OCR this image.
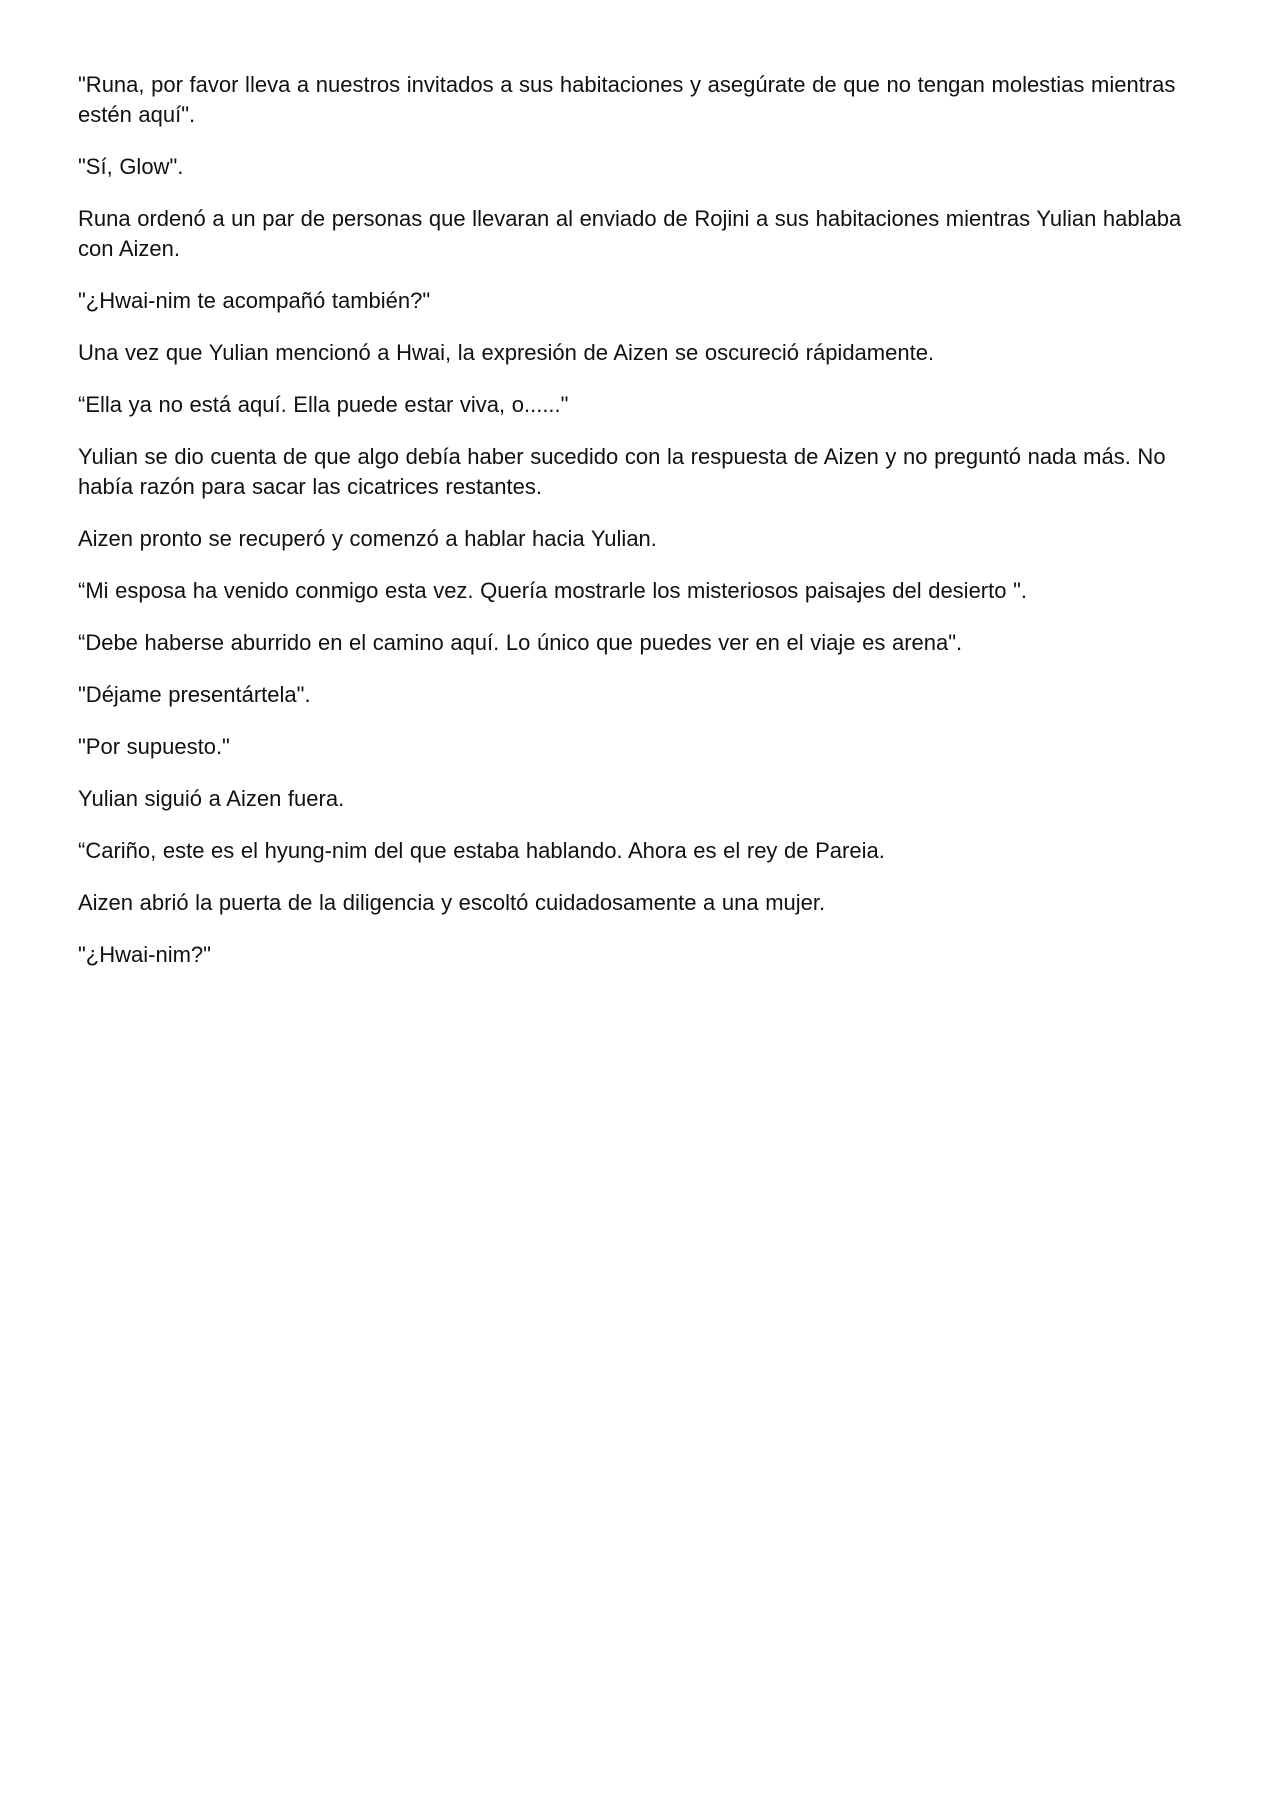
"Runa, por favor lleva a nuestros invitados a sus habitaciones y asegúrate de que no tengan molestias mientras estén aquí".

"Sí, Glow".

Runa ordenó a un par de personas que llevaran al enviado de Rojini a sus habitaciones mientras Yulian hablaba con Aizen.

"¿Hwai-nim te acompañó también?"

Una vez que Yulian mencionó a Hwai, la expresión de Aizen se oscureció rápidamente.

“Ella ya no está aquí. Ella puede estar viva, o......"

Yulian se dio cuenta de que algo debía haber sucedido con la respuesta de Aizen y no preguntó nada más. No había razón para sacar las cicatrices restantes.

Aizen pronto se recuperó y comenzó a hablar hacia Yulian.

“Mi esposa ha venido conmigo esta vez. Quería mostrarle los misteriosos paisajes del desierto ".

“Debe haberse aburrido en el camino aquí. Lo único que puedes ver en el viaje es arena".

"Déjame presentártela".

"Por supuesto."

Yulian siguió a Aizen fuera.

“Cariño, este es el hyung-nim del que estaba hablando. Ahora es el rey de Pareia.

Aizen abrió la puerta de la diligencia y escoltó cuidadosamente a una mujer.

"¿Hwai-nim?"
